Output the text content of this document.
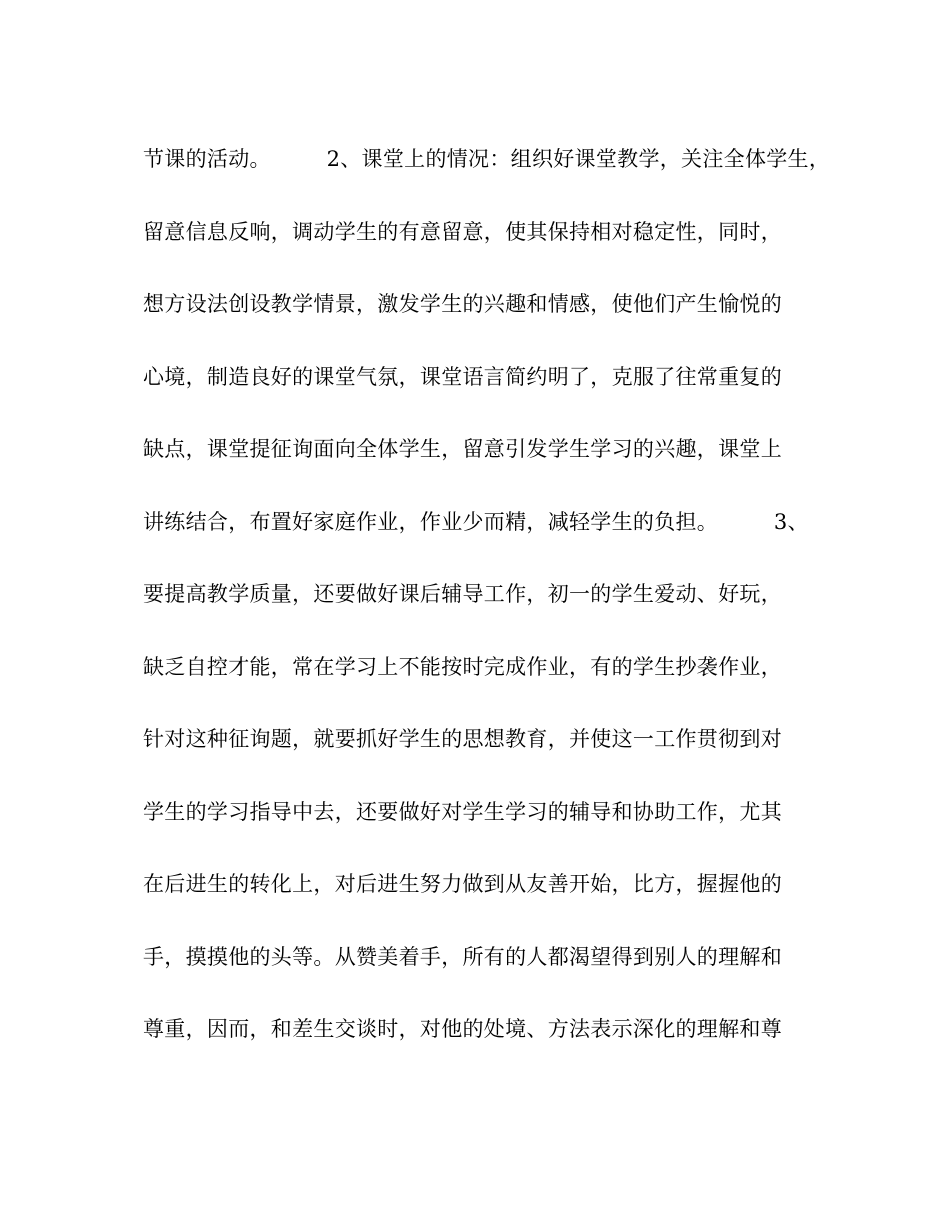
节课的活动。        2、课堂上的情况：组织好课堂教学，关注全体学生，
留意信息反响，调动学生的有意留意，使其保持相对稳定性，同时，
想方设法创设教学情景，激发学生的兴趣和情感，使他们产生愉悦的
心境，制造良好的课堂气氛，课堂语言简约明了，克服了往常重复的
缺点，课堂提征询面向全体学生，留意引发学生学习的兴趣，课堂上
讲练结合，布置好家庭作业，作业少而精，减轻学生的负担。        3、
要提高教学质量，还要做好课后辅导工作，初一的学生爱动、好玩，
缺乏自控才能，常在学习上不能按时完成作业，有的学生抄袭作业，
针对这种征询题，就要抓好学生的思想教育，并使这一工作贯彻到对
学生的学习指导中去，还要做好对学生学习的辅导和协助工作，尤其
在后进生的转化上，对后进生努力做到从友善开始，比方，握握他的
手，摸摸他的头等。从赞美着手，所有的人都渴望得到别人的理解和
尊重，因而，和差生交谈时，对他的处境、方法表示深化的理解和尊
